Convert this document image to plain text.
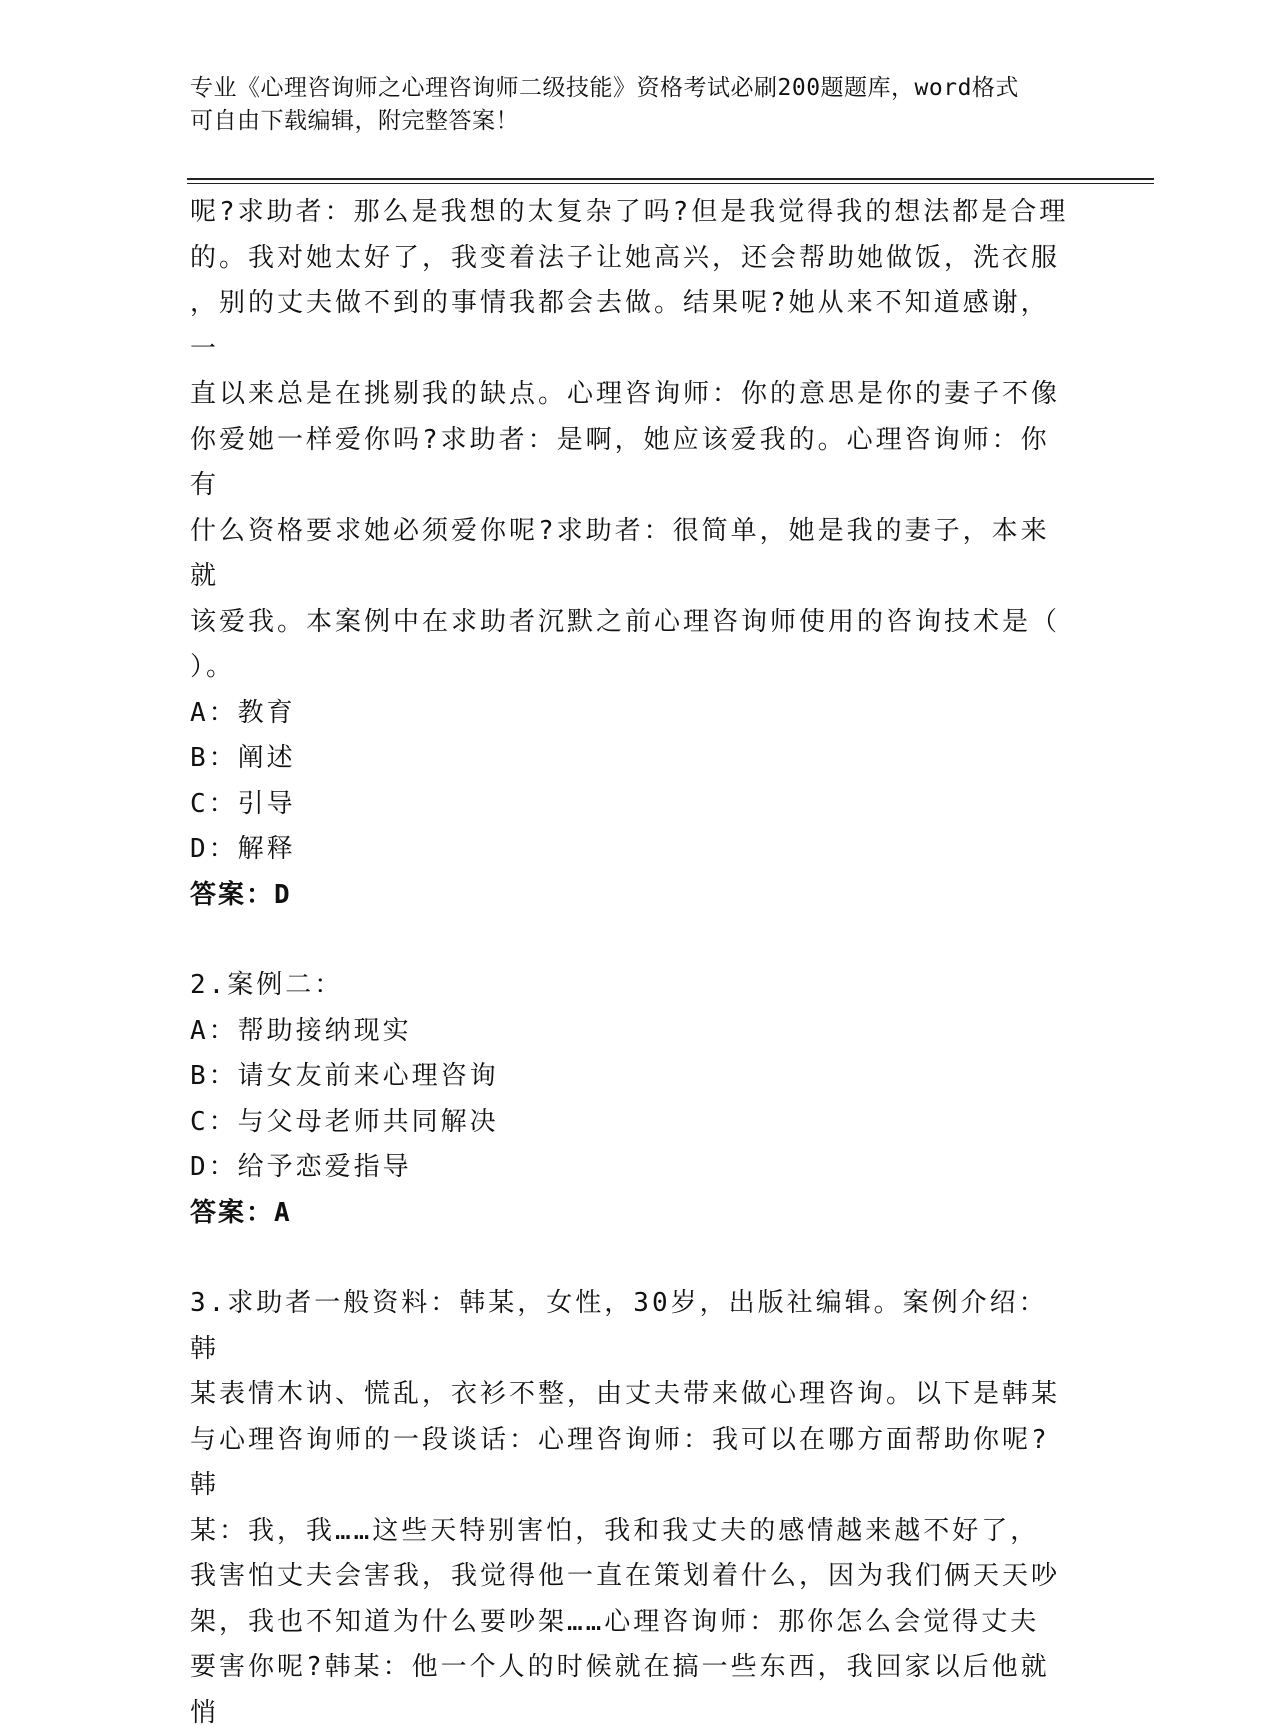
专业《心理咨询师之心理咨询师二级技能》资格考试必刷200题题库，word格式
可自由下载编辑，附完整答案！

呢?求助者：那么是我想的太复杂了吗?但是我觉得我的想法都是合理

的。我对她太好了，我变着法子让她高兴，还会帮助她做饭，洗衣服

，别的丈夫做不到的事情我都会去做。结果呢?她从来不知道感谢，一

直以来总是在挑剔我的缺点。心理咨询师：你的意思是你的妻子不像

你爱她一样爱你吗?求助者：是啊，她应该爱我的。心理咨询师：你有

什么资格要求她必须爱你呢?求助者：很简单，她是我的妻子，本来就

该爱我。本案例中在求助者沉默之前心理咨询师使用的咨询技术是（

）。

A：教育

B：阐述

C：引导

D：解释

答案：D

2.案例二：

A：帮助接纳现实

B：请女友前来心理咨询

C：与父母老师共同解决

D：给予恋爱指导

答案：A

3.求助者一般资料：韩某，女性，30岁，出版社编辑。案例介绍：韩

某表情木讷、慌乱，衣衫不整，由丈夫带来做心理咨询。以下是韩某

与心理咨询师的一段谈话：心理咨询师：我可以在哪方面帮助你呢?韩

某：我，我……这些天特别害怕，我和我丈夫的感情越来越不好了，

我害怕丈夫会害我，我觉得他一直在策划着什么，因为我们俩天天吵

架，我也不知道为什么要吵架……心理咨询师：那你怎么会觉得丈夫

要害你呢?韩某：他一个人的时候就在搞一些东西，我回家以后他就悄
